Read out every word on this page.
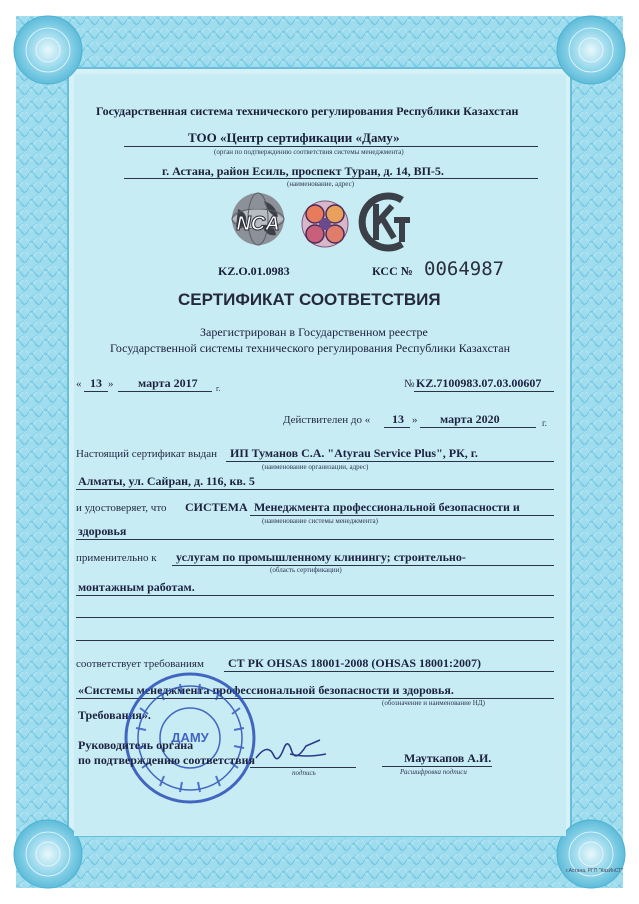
Государственная система технического регулирования Республики Казахстан
ТОО «Центр сертификации «Даму»
(орган по подтверждению соответствия системы менеджмента)
г. Астана, район Есиль, проспект Туран, д. 14, ВП-5.
(наименование, адрес)
NCA
KZ.O.01.0983	КСС № 0064987
СЕРТИФИКАТ СООТВЕТСТВИЯ
Зарегистрирован в Государственном реестре
Государственной системы технического регулирования Республики Казахстан
« 13 » марта 2017 г.	№ KZ.7100983.07.03.00607
Действителен до « 13 » марта 2020	г.
Настоящий сертификат выдан ИП Туманов С.А. "Atyrau Service Plus", РК, г.
(наименование организации, адрес)
Алматы, ул. Сайран, д. 116, кв. 5
и удостоверяет, что СИСТЕМА Менеджмента профессиональной безопасности и
(наименование системы менеджмента)
здоровья
применительно к услугам по промышленному клинингу; строительно-
(область сертификации)
монтажным работам.
соответствует требованиям СТ РК OHSAS 18001-2008 (OHSAS 18001:2007)
«Системы менеджмента профессиональной безопасности и здоровья.
(обозначение и наименование НД)
Требования».
ДАМУ
Руководитель органа
по подтверждению соответствия
подпись
Мауткапов А.И.
Расшифровка подписи
г.Астана, РГП "КазИнСТ"
